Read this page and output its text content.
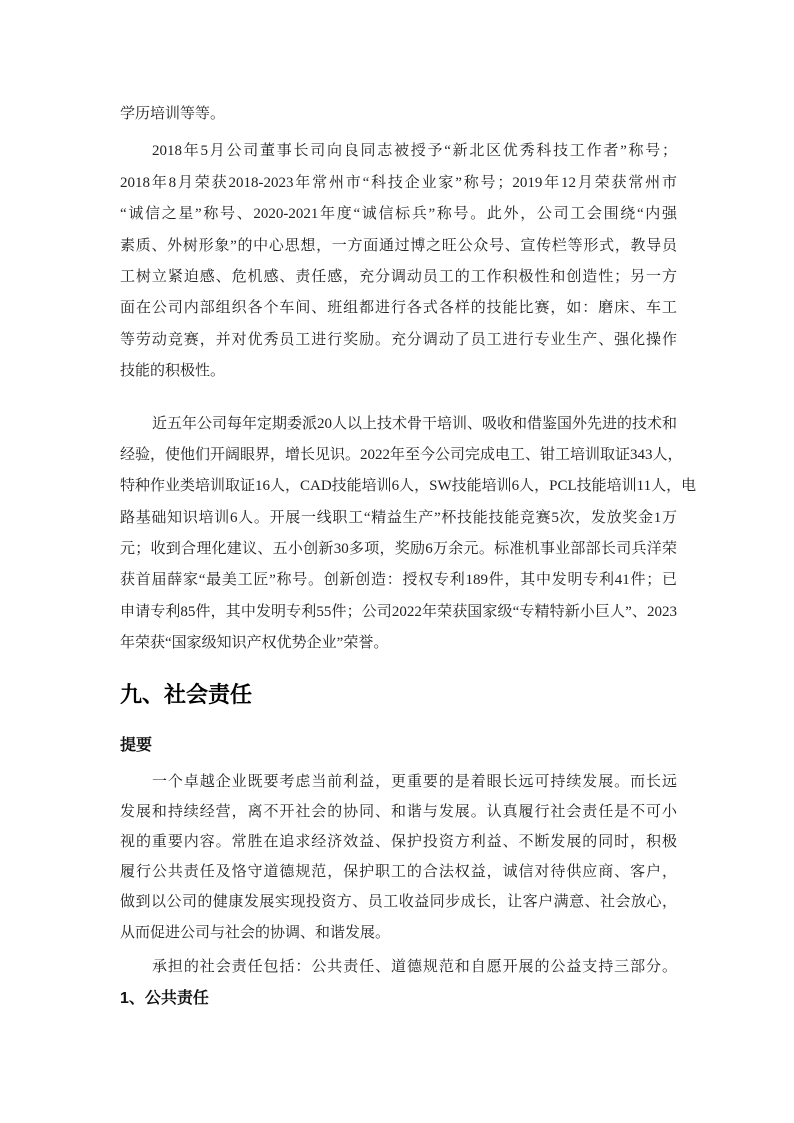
学历培训等等。
2018年5月公司董事长司向良同志被授予“新北区优秀科技工作者”称号；
2018年8月荣获2018-2023年常州市“科技企业家”称号；2019年12月荣获常州市
“诚信之星”称号、2020-2021年度“诚信标兵”称号。此外，公司工会围绕“内强
素质、外树形象”的中心思想，一方面通过博之旺公众号、宣传栏等形式，教导员
工树立紧迫感、危机感、责任感，充分调动员工的工作积极性和创造性；另一方
面在公司内部组织各个车间、班组都进行各式各样的技能比赛，如：磨床、车工
等劳动竞赛，并对优秀员工进行奖励。充分调动了员工进行专业生产、强化操作
技能的积极性。
近五年公司每年定期委派20人以上技术骨干培训、吸收和借鉴国外先进的技术和
经验，使他们开阔眼界，增长见识。2022年至今公司完成电工、钳工培训取证343人，
特种作业类培训取证16人，CAD技能培训6人，SW技能培训6人，PCL技能培训11人，电
路基础知识培训6人。开展一线职工“精益生产”杯技能技能竞赛5次，发放奖金1万
元；收到合理化建议、五小创新30多项，奖励6万余元。标准机事业部部长司兵洋荣
获首届薛家“最美工匠”称号。创新创造：授权专利189件，其中发明专利41件；已
申请专利85件，其中发明专利55件；公司2022年荣获国家级“专精特新小巨人”、2023
年荣获“国家级知识产权优势企业”荣誉。
九、社会责任
提要
一个卓越企业既要考虑当前利益，更重要的是着眼长远可持续发展。而长远
发展和持续经营，离不开社会的协同、和谐与发展。认真履行社会责任是不可小
视的重要内容。常胜在追求经济效益、保护投资方利益、不断发展的同时，积极
履行公共责任及恪守道德规范，保护职工的合法权益，诚信对待供应商、客户，
做到以公司的健康发展实现投资方、员工收益同步成长，让客户满意、社会放心，
从而促进公司与社会的协调、和谐发展。
承担的社会责任包括：公共责任、道德规范和自愿开展的公益支持三部分。
1、公共责任
